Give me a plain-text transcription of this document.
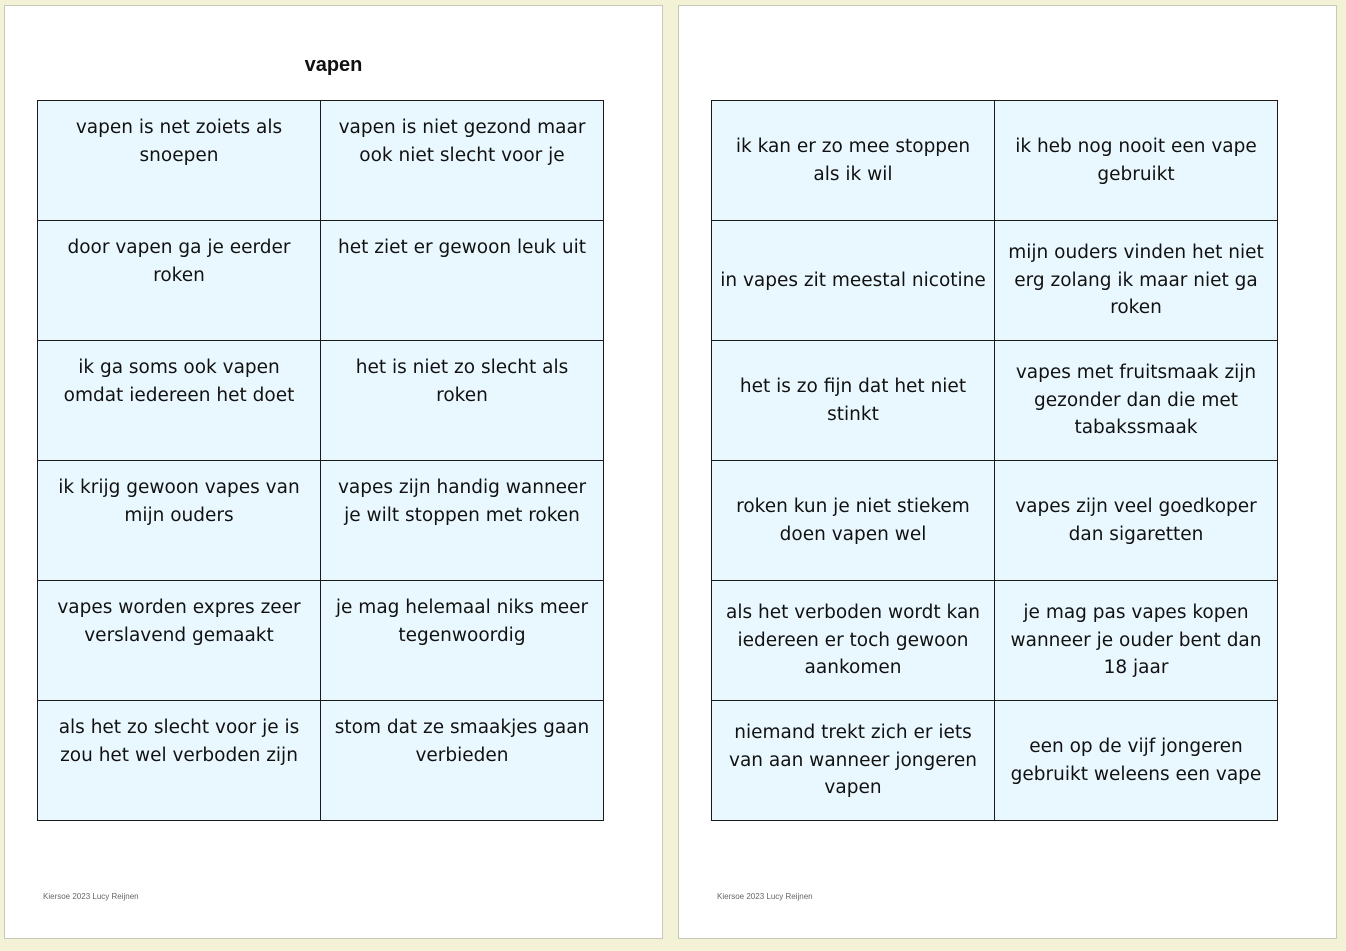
vapen
vapen is net zoiets als snoepen	vapen is niet gezond maar ook niet slecht voor je
door vapen ga je eerder roken	het ziet er gewoon leuk uit
ik ga soms ook vapen omdat iedereen het doet	het is niet zo slecht als roken
ik krijg gewoon vapes van mijn ouders	vapes zijn handig wanneer je wilt stoppen met roken
vapes worden expres zeer verslavend gemaakt	je mag helemaal niks meer tegenwoordig
als het zo slecht voor je is zou het wel verboden zijn	stom dat ze smaakjes gaan verbieden
Kiersoe 2023 Lucy Reijnen
ik kan er zo mee stoppen als ik wil	ik heb nog nooit een vape gebruikt
in vapes zit meestal nicotine	mijn ouders vinden het niet erg zolang ik maar niet ga roken
het is zo fijn dat het niet stinkt	vapes met fruitsmaak zijn gezonder dan die met tabakssmaak
roken kun je niet stiekem doen vapen wel	vapes zijn veel goedkoper dan sigaretten
als het verboden wordt kan iedereen er toch gewoon aankomen	je mag pas vapes kopen wanneer je ouder bent dan 18 jaar
niemand trekt zich er iets van aan wanneer jongeren vapen	een op de vijf jongeren gebruikt weleens een vape
Kiersoe 2023 Lucy Reijnen
